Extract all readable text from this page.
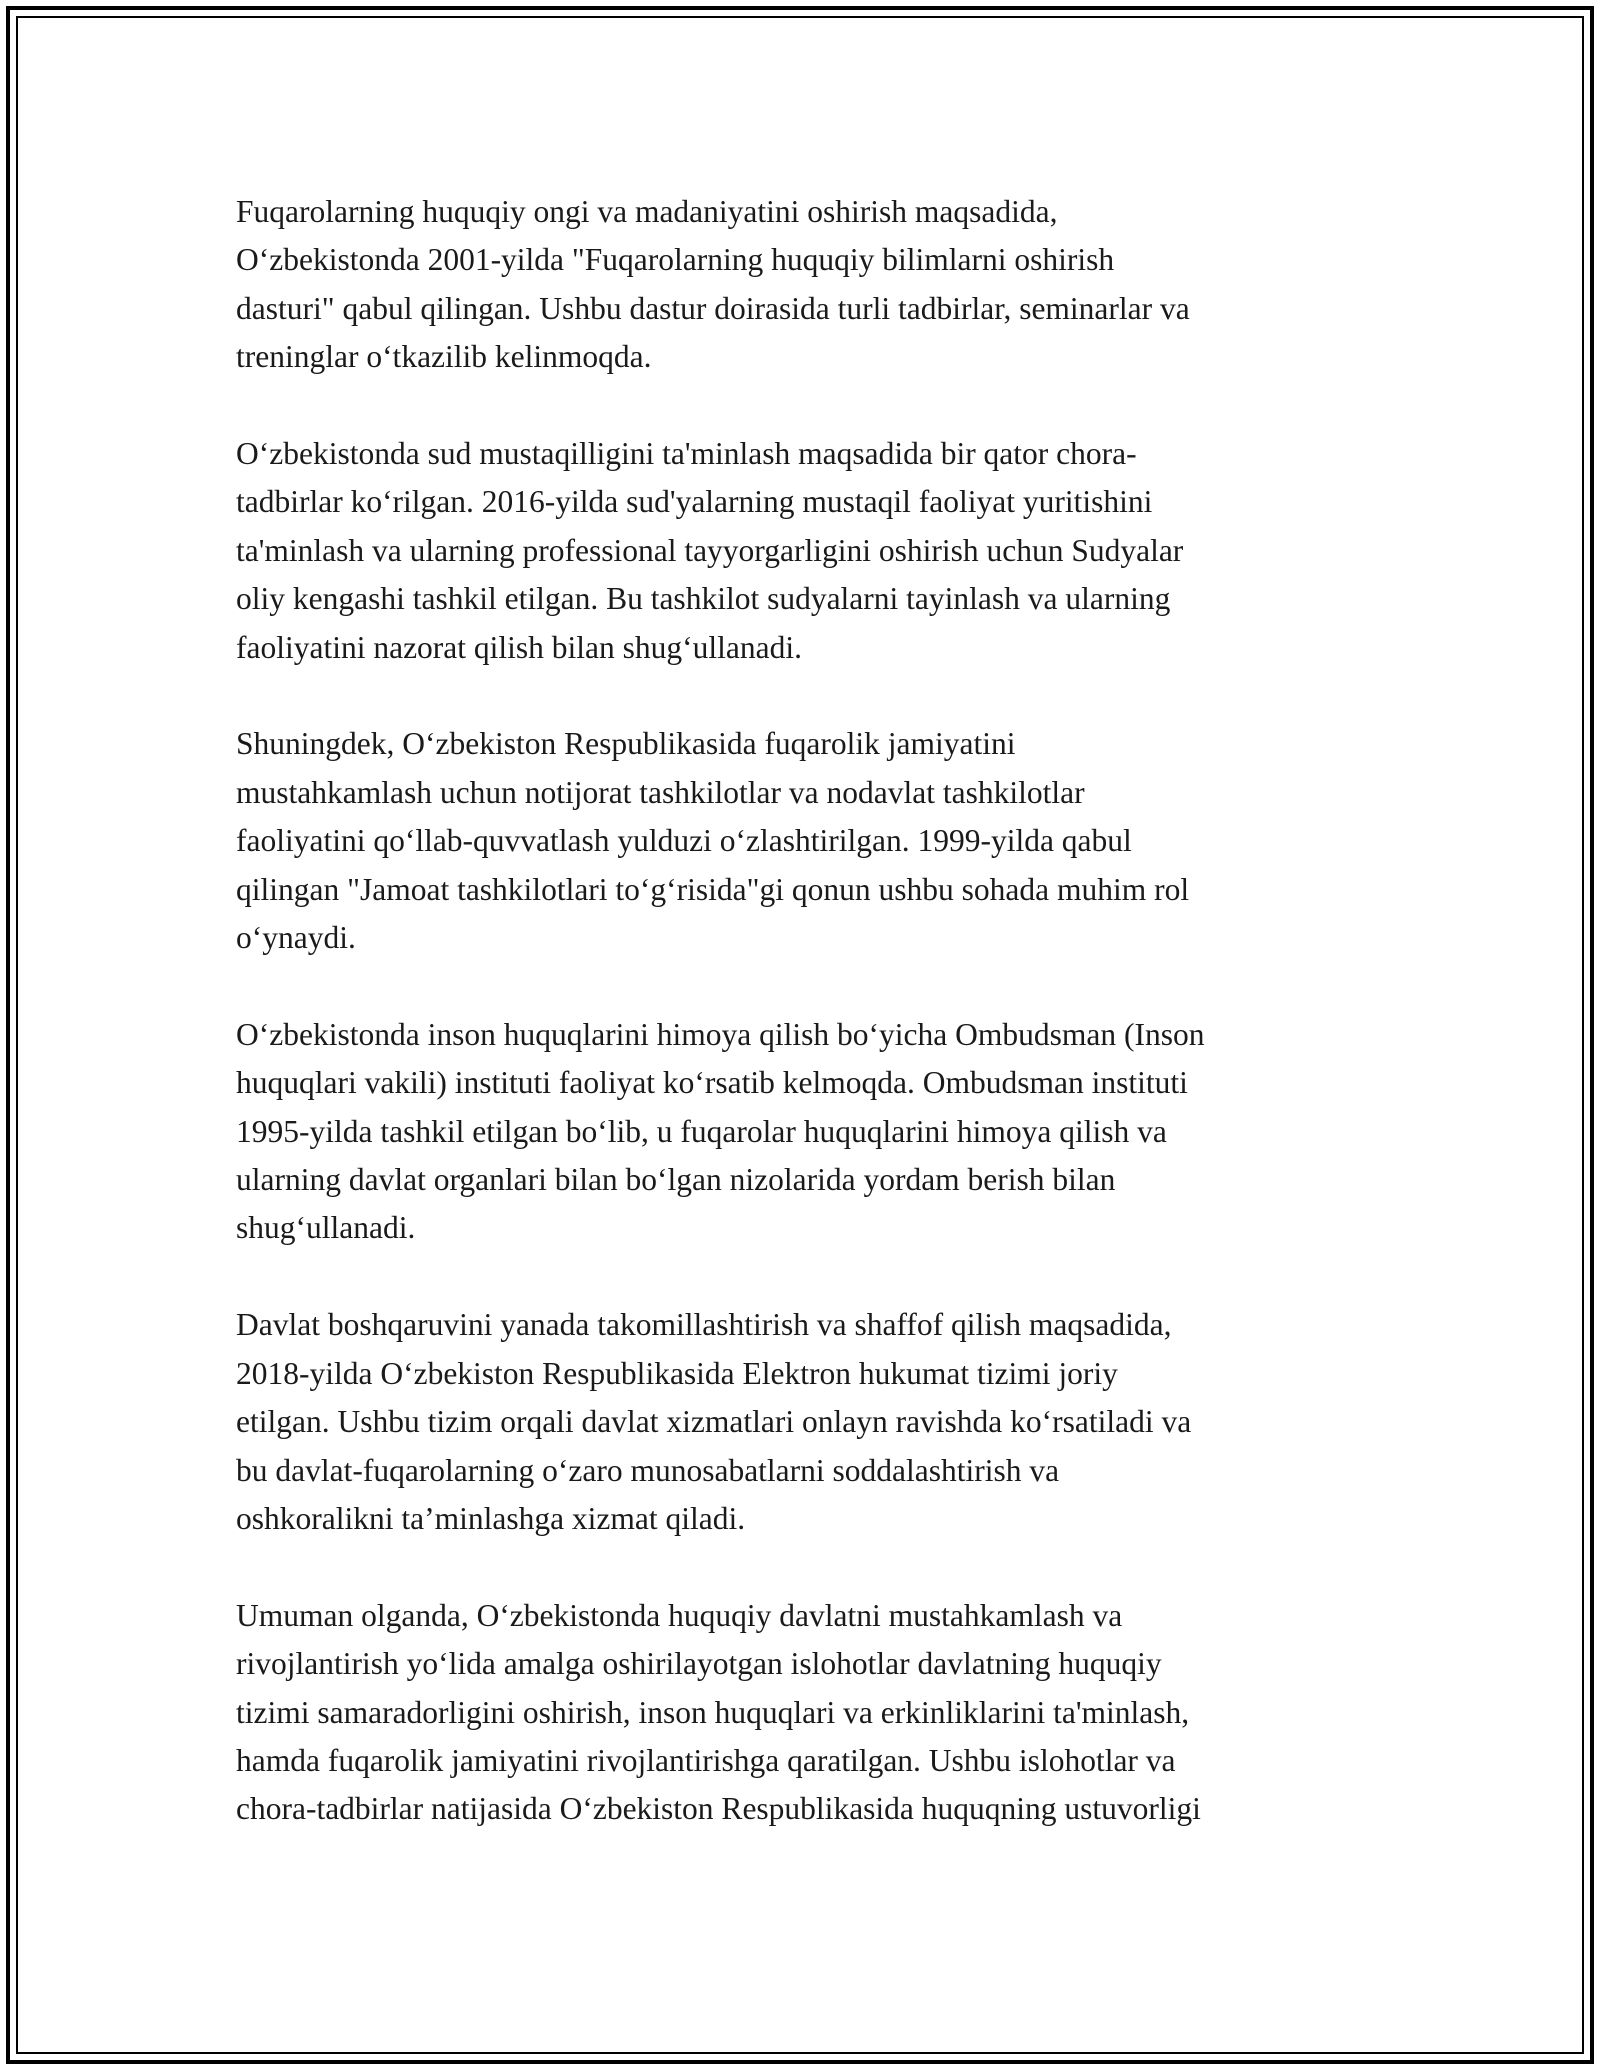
Fuqarolarning huquqiy ongi va madaniyatini oshirish maqsadida,
O‘zbekistonda 2001-yilda "Fuqarolarning huquqiy bilimlarni oshirish
dasturi" qabul qilingan. Ushbu dastur doirasida turli tadbirlar, seminarlar va
treninglar o‘tkazilib kelinmoqda.

O‘zbekistonda sud mustaqilligini ta'minlash maqsadida bir qator chora-
tadbirlar ko‘rilgan. 2016-yilda sud'yalarning mustaqil faoliyat yuritishini
ta'minlash va ularning professional tayyorgarligini oshirish uchun Sudyalar
oliy kengashi tashkil etilgan. Bu tashkilot sudyalarni tayinlash va ularning
faoliyatini nazorat qilish bilan shug‘ullanadi.

Shuningdek, O‘zbekiston Respublikasida fuqarolik jamiyatini
mustahkamlash uchun notijorat tashkilotlar va nodavlat tashkilotlar
faoliyatini qo‘llab-quvvatlash yulduzi o‘zlashtirilgan. 1999-yilda qabul
qilingan "Jamoat tashkilotlari to‘g‘risida"gi qonun ushbu sohada muhim rol
o‘ynaydi.

O‘zbekistonda inson huquqlarini himoya qilish bo‘yicha Ombudsman (Inson
huquqlari vakili) instituti faoliyat ko‘rsatib kelmoqda. Ombudsman instituti
1995-yilda tashkil etilgan bo‘lib, u fuqarolar huquqlarini himoya qilish va
ularning davlat organlari bilan bo‘lgan nizolarida yordam berish bilan
shug‘ullanadi.

Davlat boshqaruvini yanada takomillashtirish va shaffof qilish maqsadida,
2018-yilda O‘zbekiston Respublikasida Elektron hukumat tizimi joriy
etilgan. Ushbu tizim orqali davlat xizmatlari onlayn ravishda ko‘rsatiladi va
bu davlat-fuqarolarning o‘zaro munosabatlarni soddalashtirish va
oshkoralikni ta’minlashga xizmat qiladi.

Umuman olganda, O‘zbekistonda huquqiy davlatni mustahkamlash va
rivojlantirish yo‘lida amalga oshirilayotgan islohotlar davlatning huquqiy
tizimi samaradorligini oshirish, inson huquqlari va erkinliklarini ta'minlash,
hamda fuqarolik jamiyatini rivojlantirishga qaratilgan. Ushbu islohotlar va
chora-tadbirlar natijasida O‘zbekiston Respublikasida huquqning ustuvorligi
